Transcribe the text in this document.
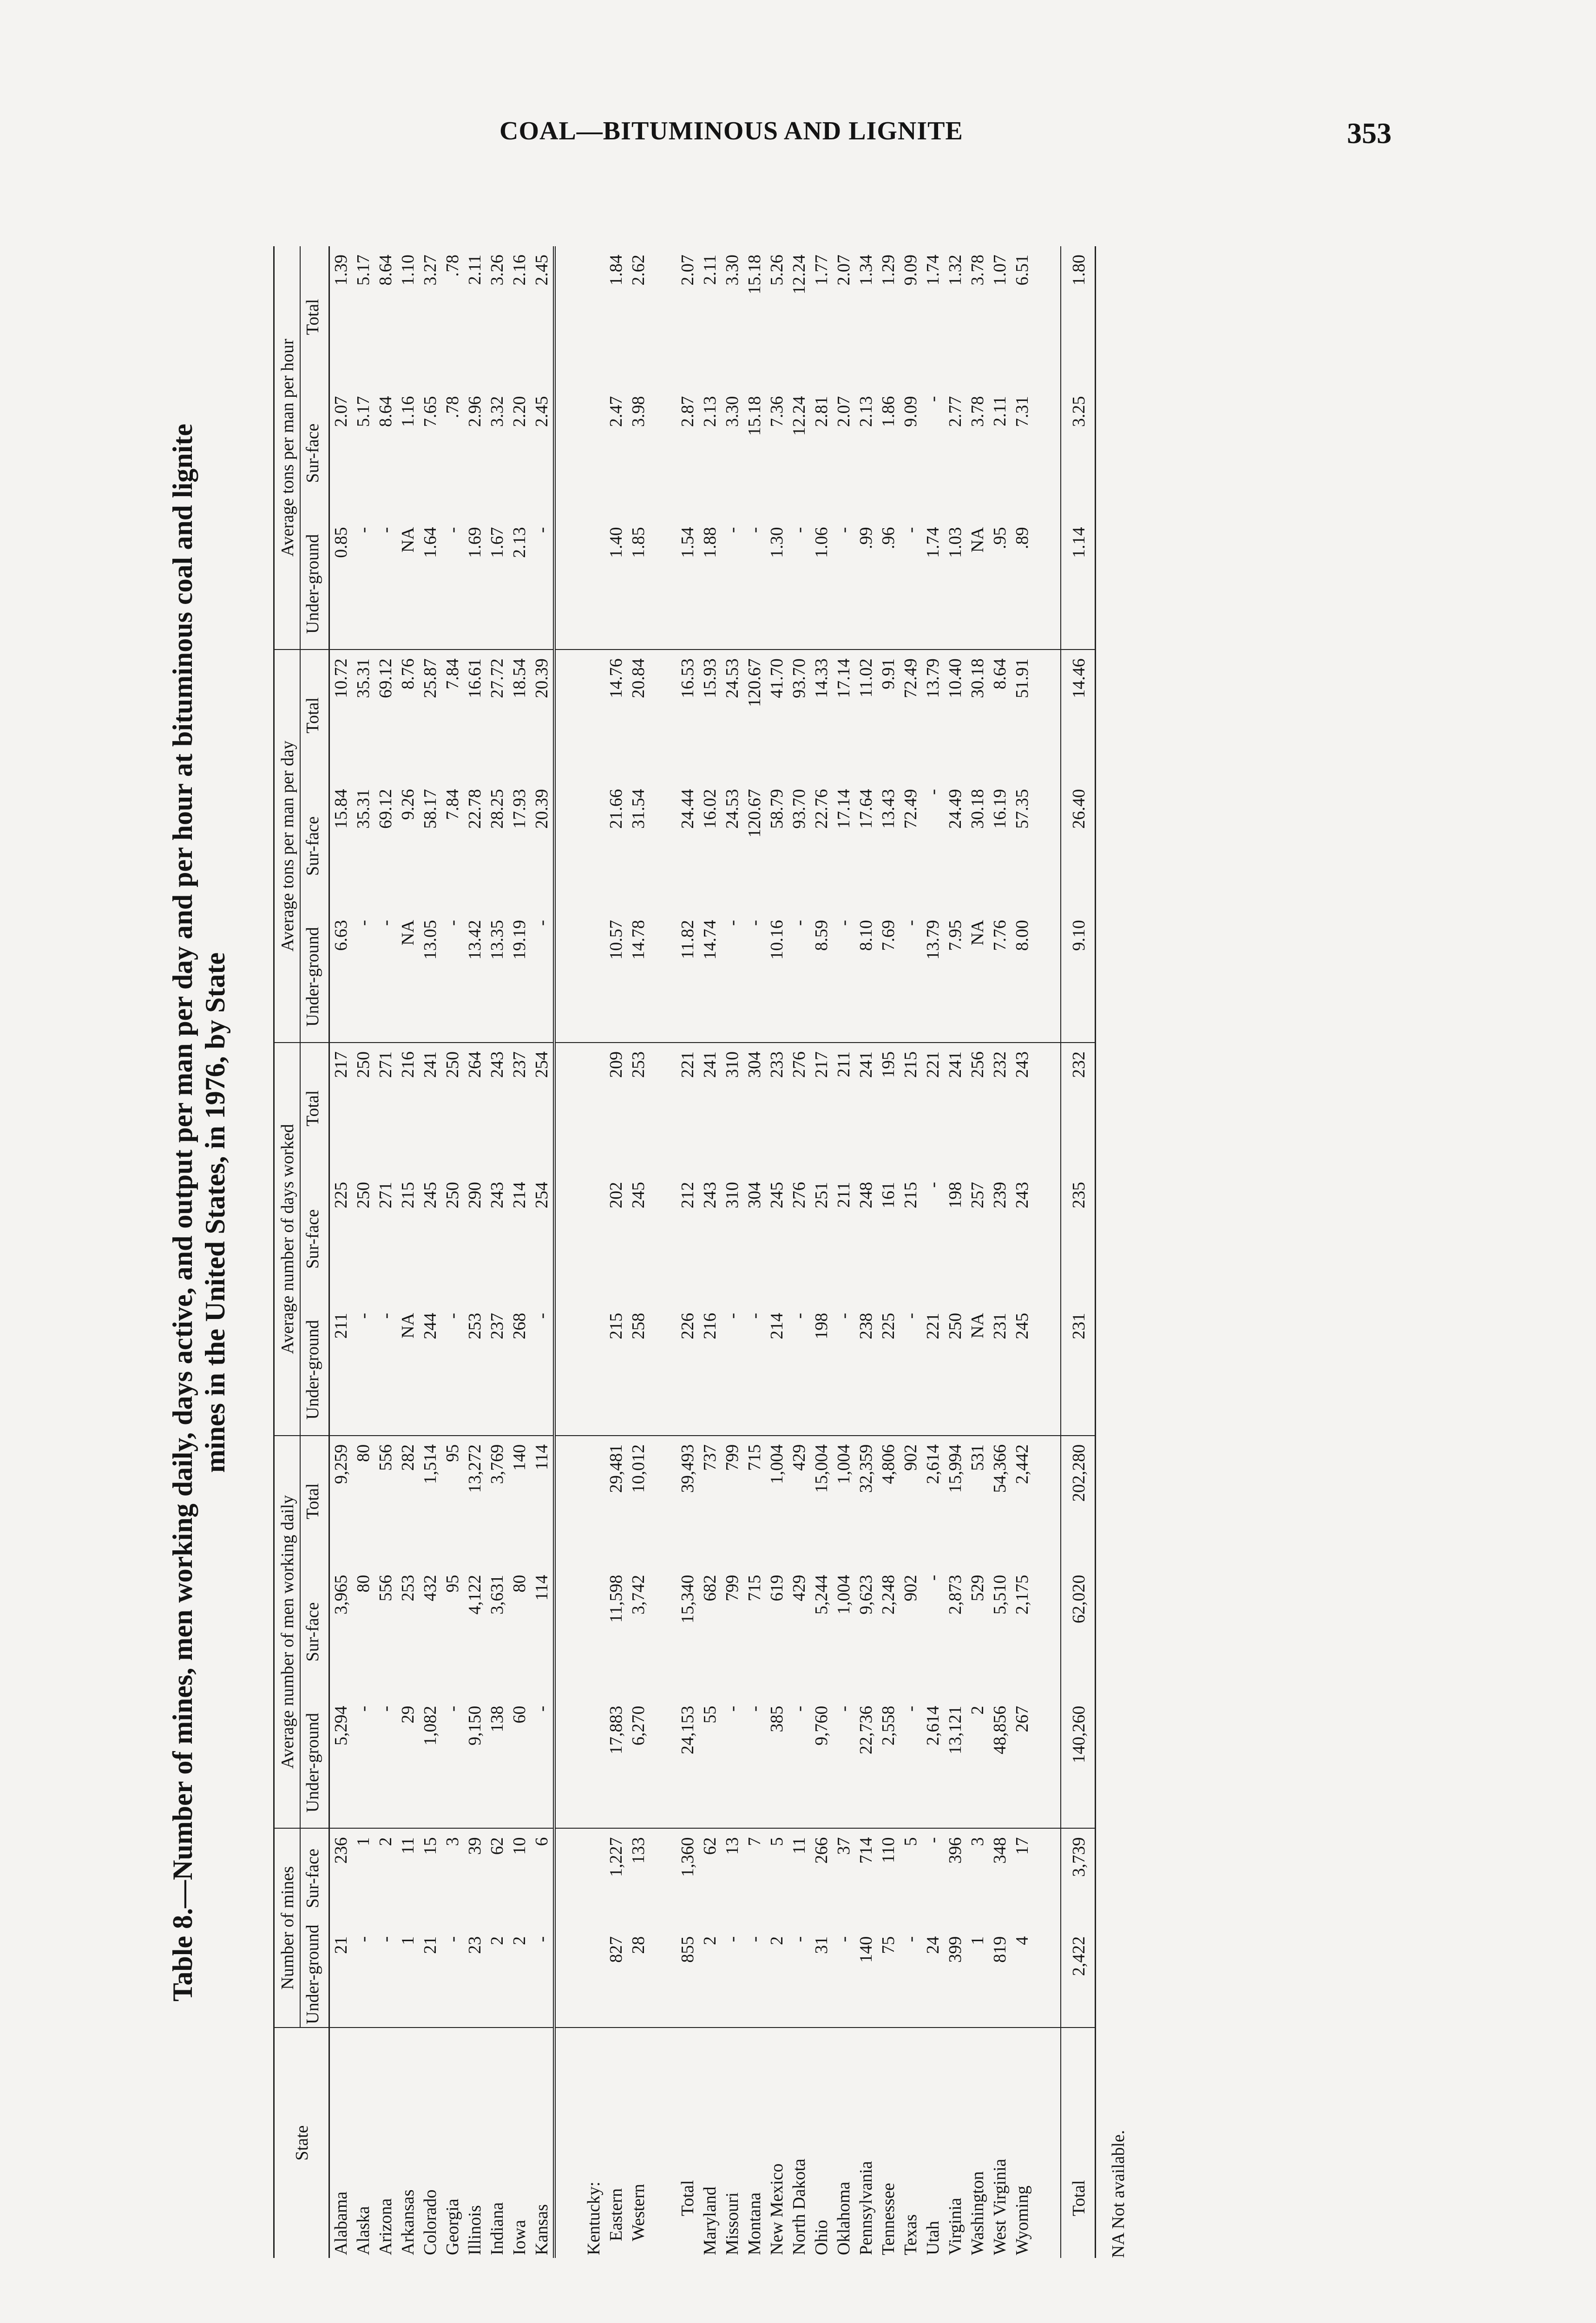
COAL—BITUMINOUS AND LIGNITE	353
Table 8.—Number of mines, men working daily, days active, and output per man per day and per hour at bituminous coal and lignite mines in the United States, in 1976, by State
State	Number of mines		Average number of men working daily			Average number of days worked			Average tons per man per day			Average tons per man per hour		
	Under-ground	Sur-face	Under-ground	Sur-face	Total	Under-ground	Sur-face	Total	Under-ground	Sur-face	Total	Under-ground	Sur-face	Total
Alabama	21	236	5,294	3,965	9,259	211	225	217	6.63	15.84	10.72	0.85	2.07	1.39
Alaska	-	1	-	80	80	-	250	250	-	35.31	35.31	-	5.17	5.17
Arizona	-	2	-	556	556	-	271	271	-	69.12	69.12	-	8.64	8.64
Arkansas	1	11	29	253	282	NA	215	216	NA	9.26	8.76	NA	1.16	1.10
Colorado	21	15	1,082	432	1,514	244	245	241	13.05	58.17	25.87	1.64	7.65	3.27
Georgia	-	3	-	95	95	-	250	250	-	7.84	7.84	-	.78	.78
Illinois	23	39	9,150	4,122	13,272	253	290	264	13.42	22.78	16.61	1.69	2.96	2.11
Indiana	2	62	138	3,631	3,769	237	243	243	13.35	28.25	27.72	1.67	3.32	3.26
Iowa	2	10	60	80	140	268	214	237	19.19	17.93	18.54	2.13	2.20	2.16
Kansas	-	6	-	114	114	-	254	254	-	20.39	20.39	-	2.45	2.45

Kentucky:														
Eastern	827	1,227	17,883	11,598	29,481	215	202	209	10.57	21.66	14.76	1.40	2.47	1.84
Western	28	133	6,270	3,742	10,012	258	245	253	14.78	31.54	20.84	1.85	3.98	2.62

Total	855	1,360	24,153	15,340	39,493	226	212	221	11.82	24.44	16.53	1.54	2.87	2.07
Maryland	2	62	55	682	737	216	243	241	14.74	16.02	15.93	1.88	2.13	2.11
Missouri	-	13	-	799	799	-	310	310	-	24.53	24.53	-	3.30	3.30
Montana	-	7	-	715	715	-	304	304	-	120.67	120.67	-	15.18	15.18
New Mexico	2	5	385	619	1,004	214	245	233	10.16	58.79	41.70	1.30	7.36	5.26
North Dakota	-	11	-	429	429	-	276	276	-	93.70	93.70	-	12.24	12.24
Ohio	31	266	9,760	5,244	15,004	198	251	217	8.59	22.76	14.33	1.06	2.81	1.77
Oklahoma	-	37	-	1,004	1,004	-	211	211	-	17.14	17.14	-	2.07	2.07
Pennsylvania	140	714	22,736	9,623	32,359	238	248	241	8.10	17.64	11.02	.99	2.13	1.34
Tennessee	75	110	2,558	2,248	4,806	225	161	195	7.69	13.43	9.91	.96	1.86	1.29
Texas	-	5	-	902	902	-	215	215	-	72.49	72.49	-	9.09	9.09
Utah	24	-	2,614	-	2,614	221	-	221	13.79	-	13.79	1.74	-	1.74
Virginia	399	396	13,121	2,873	15,994	250	198	241	7.95	24.49	10.40	1.03	2.77	1.32
Washington	1	3	2	529	531	NA	257	256	NA	30.18	30.18	NA	3.78	3.78
West Virginia	819	348	48,856	5,510	54,366	231	239	232	7.76	16.19	8.64	.95	2.11	1.07
Wyoming	4	17	267	2,175	2,442	245	243	243	8.00	57.35	51.91	.89	7.31	6.51

Total	2,422	3,739	140,260	62,020	202,280	231	235	232	9.10	26.40	14.46	1.14	3.25	1.80
NA Not available.
